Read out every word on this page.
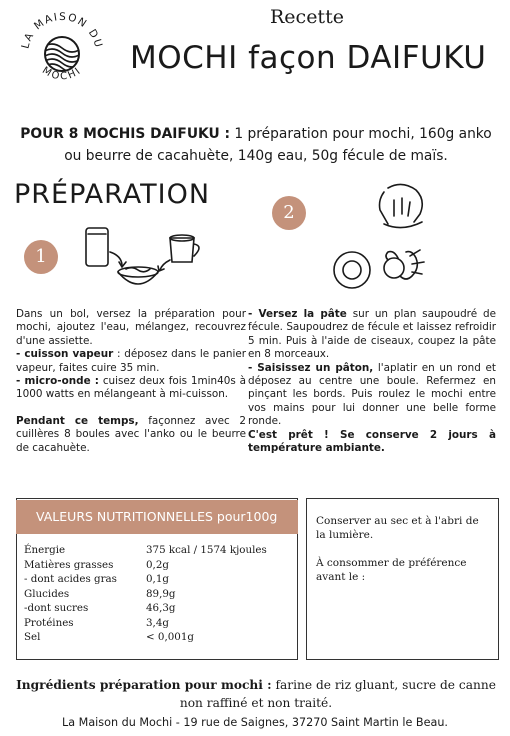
LA MAISON DU
MOCHI
Recette
MOCHI façon DAIFUKU
POUR 8 MOCHIS DAIFUKU : 1 préparation pour mochi, 160g anko ou beurre de cacahuète, 140g eau, 50g fécule de maïs.
PRÉPARATION
1
Dans un bol, versez la préparation pour mochi, ajoutez l'eau, mélangez, recouvrez d'une assiette.
- cuisson vapeur : déposez dans le panier vapeur, faites cuire 35 min.
- micro-onde : cuisez deux fois 1min40s à 1000 watts en mélangeant à mi-cuisson.

Pendant ce temps, façonnez avec 2 cuillères 8 boules avec l'anko ou le beurre de cacahuète.
2
- Versez la pâte sur un plan saupoudré de fécule. Saupoudrez de fécule et laissez refroidir 5 min. Puis à l'aide de ciseaux, coupez la pâte en 8 morceaux.
- Saisissez un pâton, l'aplatir en un rond et déposez au centre une boule. Refermez en pinçant les bords. Puis roulez le mochi entre vos mains pour lui donner une belle forme ronde.
C'est prêt ! Se conserve 2 jours à température ambiante.
VALEURS NUTRITIONNELLES pour100g
Énergie	375 kcal / 1574 kjoules
Matières grasses	0,2g
- dont acides gras	0,1g
Glucides	89,9g
-dont sucres	46,3g
Protéines	3,4g
Sel	< 0,001g
Conserver au sec et à l'abri de la lumière.
À consommer de préférence avant le :
Ingrédients préparation pour mochi : farine de riz gluant, sucre de canne non raffiné et non traité.
La Maison du Mochi - 19 rue de Saignes, 37270 Saint Martin le Beau.
